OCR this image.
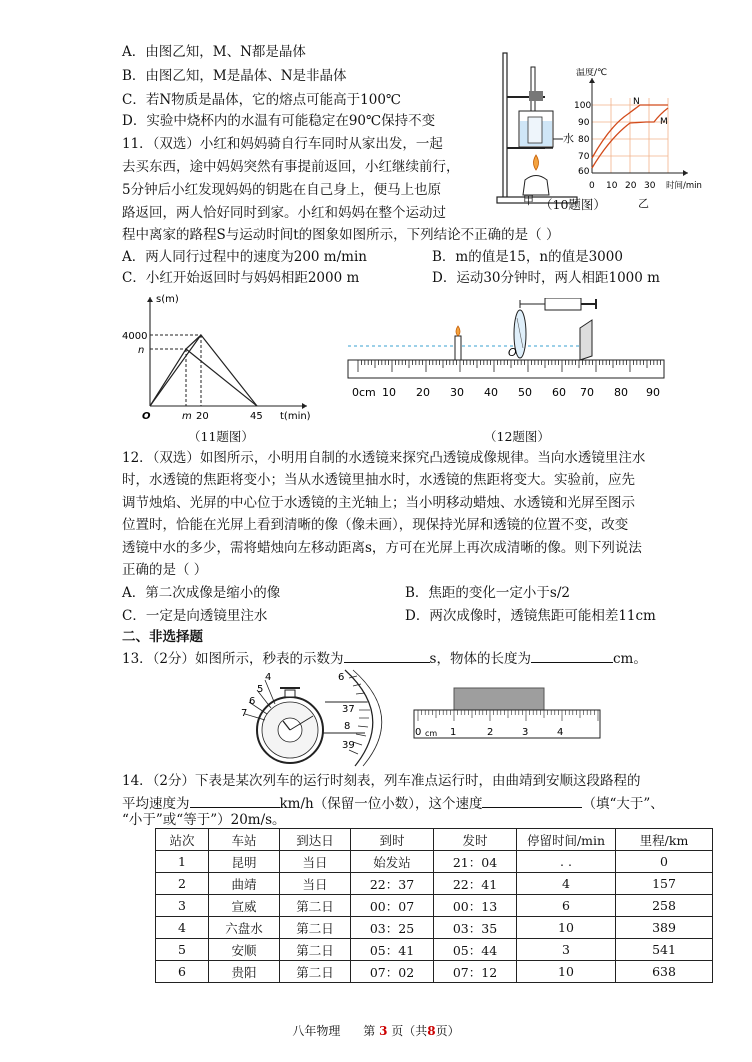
A．由图乙知，M、N都是晶体
B．由图乙知，M是晶体、N是非晶体
C．若N物质是晶体，它的熔点可能高于100℃
D．实验中烧杯内的水温有可能稳定在90℃保持不变
水
甲 （10题图）	乙
温度/℃
100
90
80
70
60
0 10 20 30 时间/min
N
M
11．（双选）小红和妈妈骑自行车同时从家出发，一起
去买东西，途中妈妈突然有事提前返回，小红继续前行，
5分钟后小红发现妈妈的钥匙在自己身上，便马上也原
路返回，两人恰好同时到家。小红和妈妈在整个运动过
程中离家的路程S与运动时间t的图象如图所示，下列结论不正确的是（ ）
A．两人同行过程中的速度为200 m/min	B．m的值是15，n的值是3000
C．小红开始返回时与妈妈相距2000 m	D．运动30分钟时，两人相距1000 m
s(m)
4000
n
O	m 20	45 t(min)
（11题图）
O
0cm 10 20 30 40 50 60 70 80 90
（12题图）
12．（双选）如图所示，小明用自制的水透镜来探究凸透镜成像规律。当向水透镜里注水
时，水透镜的焦距将变小；当从水透镜里抽水时，水透镜的焦距将变大。实验前，应先
调节烛焰、光屏的中心位于水透镜的主光轴上；当小明移动蜡烛、水透镜和光屏至图示
位置时，恰能在光屏上看到清晰的像（像未画），现保持光屏和透镜的位置不变，改变
透镜中水的多少，需将蜡烛向左移动距离s，方可在光屏上再次成清晰的像。则下列说法
正确的是（ ）
A．第二次成像是缩小的像	B．焦距的变化一定小于s/2
C．一定是向透镜里注水	D．两次成像时，透镜焦距可能相差11cm
二、非选择题
13．（2分）如图所示，秒表的示数为	s，物体的长度为	cm。
6
37
8
39
4
5
6
7
0 cm 1	2	3	4
14．（2分）下表是某次列车的运行时刻表，列车准点运行时，由曲靖到安顺这段路程的
平均速度为	km/h（保留一位小数），这个速度	（填“大于”、
“小于”或“等于”）20m/s。
站次	车站	到达日	到时	发时	停留时间/min	里程/km
1	昆明	当日	始发站	21：04	. .	0
2	曲靖	当日	22：37	22：41	4	157
3	宣威	第二日	00：07	00：13	6	258
4	六盘水	第二日	03：25	03：35	10	389
5	安顺	第二日	05：41	05：44	3	541
6	贵阳	第二日	07：02	07：12	10	638
八年物理 第 3 页（共8页）
